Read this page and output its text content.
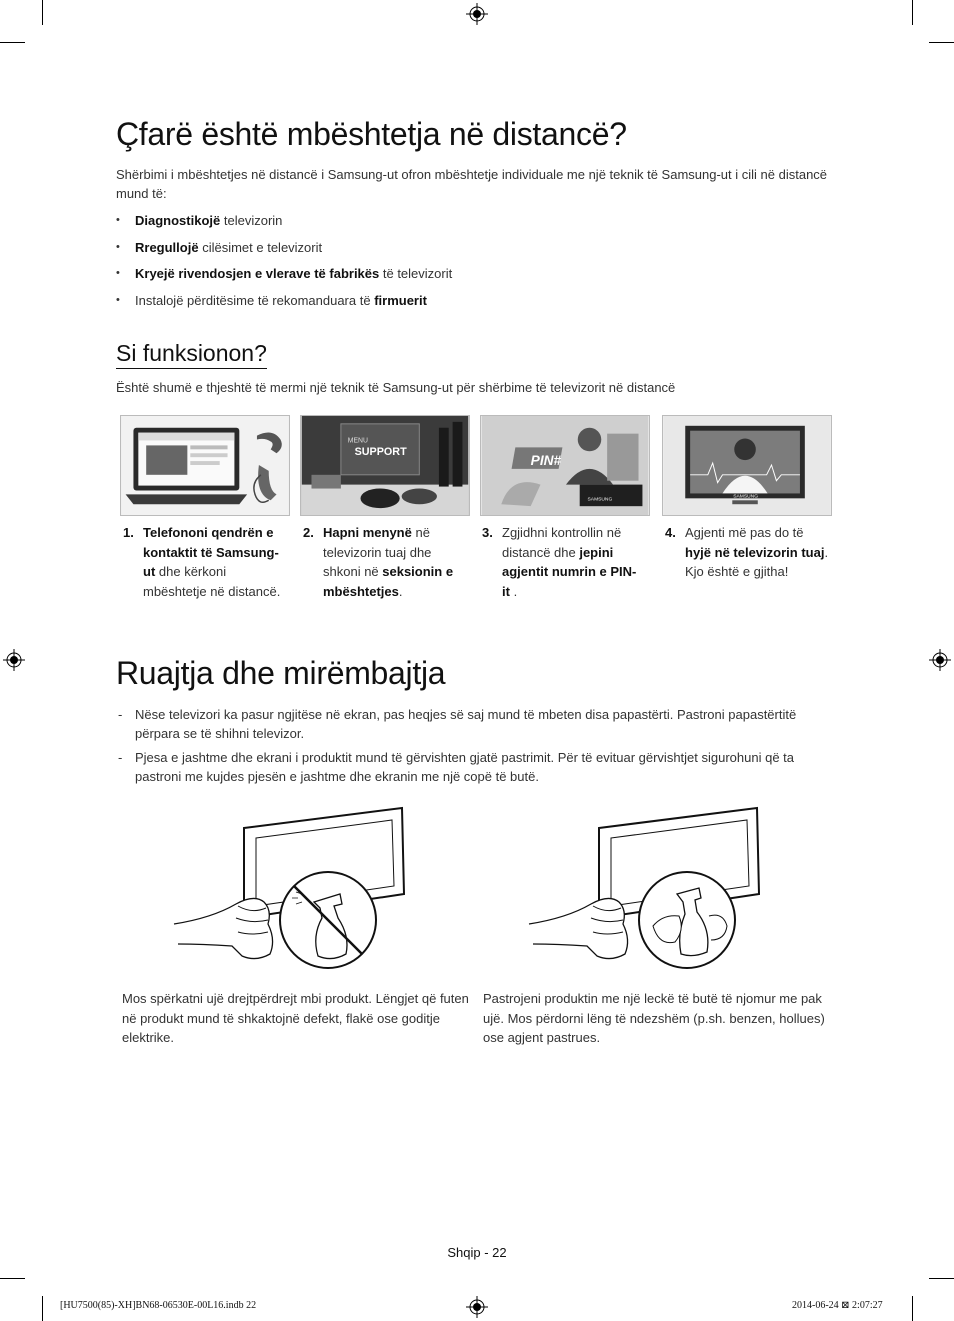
Çfarë është mbështetja në distancë?
Shërbimi i mbështetjes në distancë i Samsung-ut ofron mbështetje individuale me një teknik të Samsung-ut i cili në distancë mund të:
• Diagnostikojë televizorin
• Rregullojë cilësimet e televizorit
• Kryejë rivendosjen e vlerave të fabrikës të televizorit
• Instalojë përditësime të rekomanduara të firmuerit
Si funksionon?
Është shumë e thjeshtë të mermi një teknik të Samsung-ut për shërbime të televizorit në distancë
MENU
SUPPORT
PIN#
SAMSUNG
SAMSUNG
1. Telefononi qendrën e kontaktit të Samsung-ut dhe kërkoni mbështetje në distancë.
2. Hapni menynë në televizorin tuaj dhe shkoni në seksionin e mbështetjes.
3. Zgjidhni kontrollin në distancë dhe jepini agjentit numrin e PIN-it .
4. Agjenti më pas do të hyjë në televizorin tuaj. Kjo është e gjitha!
Ruajtja dhe mirëmbajtja
- Nëse televizori ka pasur ngjitëse në ekran, pas heqjes së saj mund të mbeten disa papastërti. Pastroni papastërtitë përpara se të shihni televizor.
- Pjesa e jashtme dhe ekrani i produktit mund të gërvishten gjatë pastrimit. Për të evituar gërvishtjet sigurohuni që ta pastroni me kujdes pjesën e jashtme dhe ekranin me një copë të butë.
Mos spërkatni ujë drejtpërdrejt mbi produkt. Lëngjet që futen në produkt mund të shkaktojnë defekt, flakë ose goditje elektrike.
Pastrojeni produktin me një leckë të butë të njomur me pak ujë. Mos përdorni lëng të ndezshëm (p.sh. benzen, hollues) ose agjent pastrues.
Shqip - 22
[HU7500(85)-XH]BN68-06530E-00L16.indb 22	2014-06-24 ⊠ 2:07:27
